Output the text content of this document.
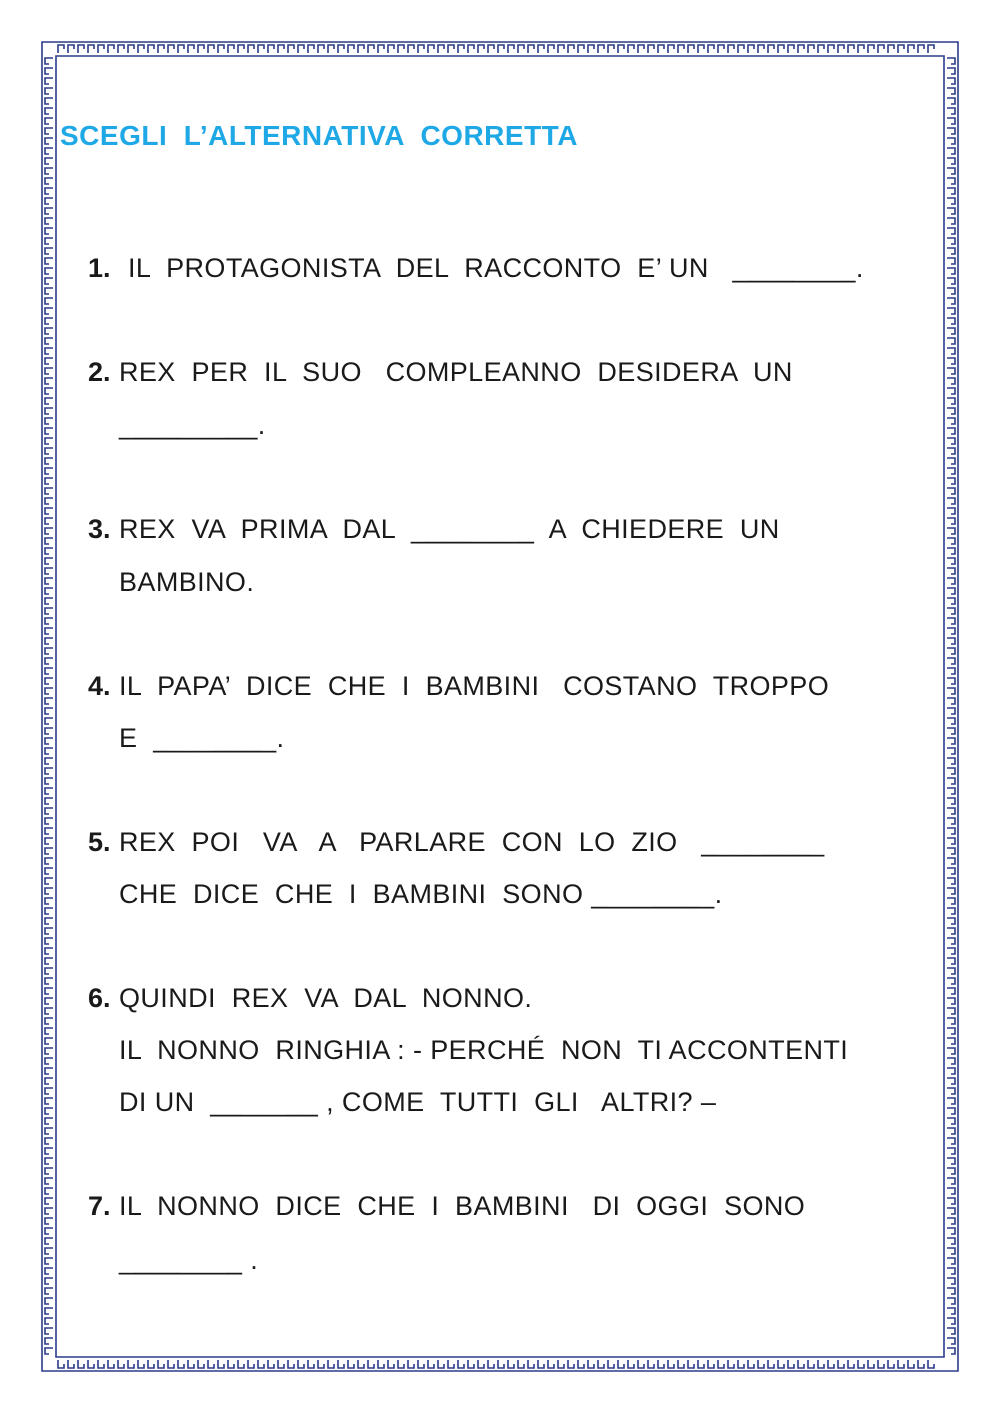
SCEGLI  L’ALTERNATIVA  CORRETTA
1. IL  PROTAGONISTA  DEL  RACCONTO  E’ UN   ________.
2. REX  PER  IL  SUO   COMPLEANNO  DESIDERA  UN
_________.
3. REX  VA  PRIMA  DAL  ________  A  CHIEDERE  UN
BAMBINO.
4. IL  PAPA’  DICE  CHE  I  BAMBINI   COSTANO  TROPPO
E  ________.
5. REX  POI   VA   A   PARLARE  CON  LO  ZIO   ________
CHE  DICE  CHE  I  BAMBINI  SONO ________.
6. QUINDI  REX  VA  DAL  NONNO.
IL  NONNO  RINGHIA : - PERCHÉ  NON  TI ACCONTENTI
DI UN  _______ , COME  TUTTI  GLI   ALTRI? –
7. IL  NONNO  DICE  CHE  I  BAMBINI   DI  OGGI  SONO
________ .
